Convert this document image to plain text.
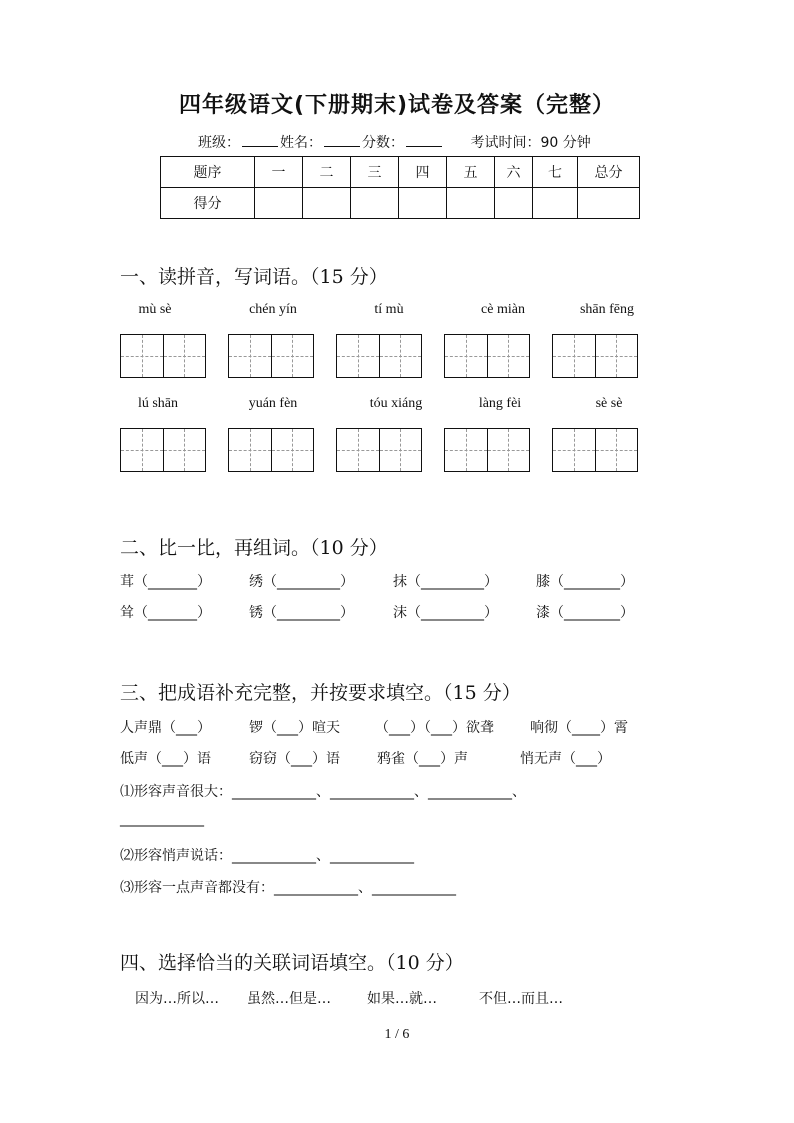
四年级语文(下册期末)试卷及答案（完整）
班级：	姓名：	分数：	考试时间：90 分钟
题序	一	二	三	四	五	六	七	总分
得分								
一、读拼音，写词语。（15 分）
mù sè	chén yín	tí mù	cè miàn	shān fēng
lú shān	yuán fèn	tóu xiáng	làng fèi	sè sè
二、比一比，再组词。（10 分）
茸（_______）	绣（_________）	抹（_________）	膝（________）
耸（_______）	锈（_________）	沫（_________）	漆（________）
三、把成语补充完整，并按要求填空。（15 分）
人声鼎（___）	锣（___）喧天	（___）（___）欲聋	响彻（____）霄
低声（___）语	窃窃（___）语	鸦雀（___）声	悄无声（___）
⑴形容声音很大：____________、____________、____________、
____________
⑵形容悄声说话：____________、____________
⑶形容一点声音都没有：____________、____________
四、选择恰当的关联词语填空。（10 分）
因为…所以… 虽然…但是…	如果…就…	不但…而且…
1 / 6
